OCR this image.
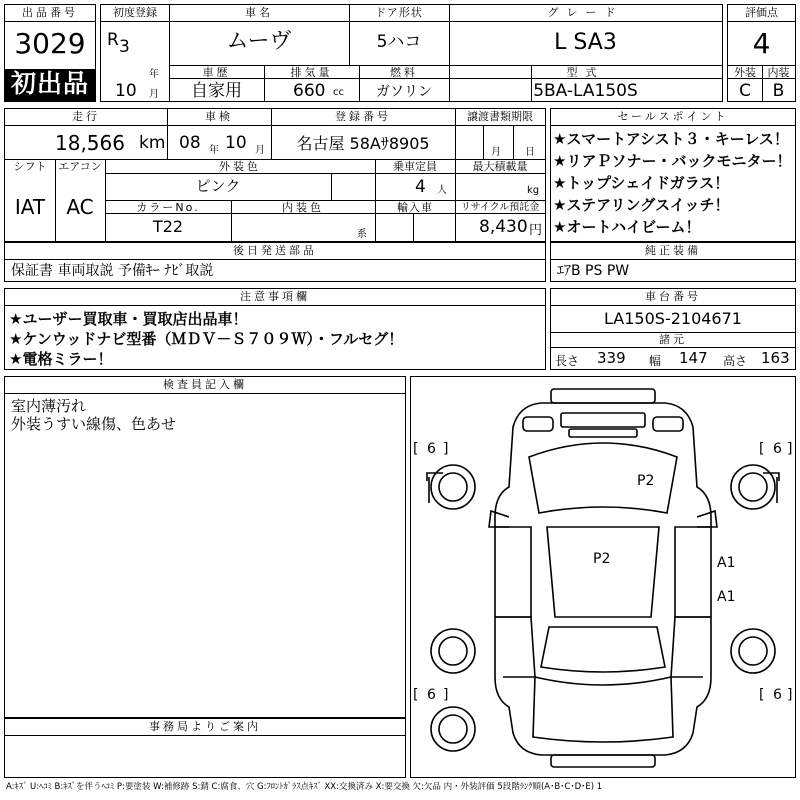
出品番号
3029
初出品
初度登録
R 3
年
10 月
車名
ムーヴ
ドア形状
5ハコ
グレード
L SA3
車歴
自家用
排気量
660 cc
燃料
ガソリン
型式
5BA-LA150S
評価点
4
外装	内装
C	B
走行
18,566 km
車検
08 年 10 月
登録番号
名古屋 58Aｻ8905
譲渡書類期限
月 日
シフト
IAT
エアコン
AC
外装色
ピンク
乗車定員
4 人
最大積載量
kg
カラーNo.
T22
内装色
系
輸入車	リサイクル預託金
8,430 円
セールスポイント
★スマートアシスト３・キーレス！
★リアＰソナー・バックモニター！
★トップシェイドガラス！
★ステアリングスイッチ！
★オートハイビーム！
後日発送部品
保証書 車両取説 予備ｷｰ ﾅﾋﾞ取説
純正装備
ｴｱB PS PW
注意事項欄
★ユーザー買取車・買取店出品車！
★ケンウッドナビ型番（ＭＤＶ－Ｓ７０９Ｗ）・フルセグ！
★電格ミラー！
車台番号
LA150S-2104671
諸元
長さ 339 幅 147 高さ 163
検査員記入欄
室内薄汚れ
外装うすい線傷、色あせ
事務局よりご案内
[ 6 ]	[ 6 ]
[ 6 ]	[ 6 ]
P2
P2	A1
A1
A:ｷｽﾞ U:ﾍｺﾐ B:ｷｽﾞを伴うﾍｺﾐ P:要塗装 W:補修跡 S:錆 C:腐食、穴 G:ﾌﾛﾝﾄｶﾞﾗｽ点ｷｽﾞ XX:交換済み X:要交換 欠:欠品 内・外装評価 5段階ﾗﾝｸ順(A･B･C･D･E) 1
